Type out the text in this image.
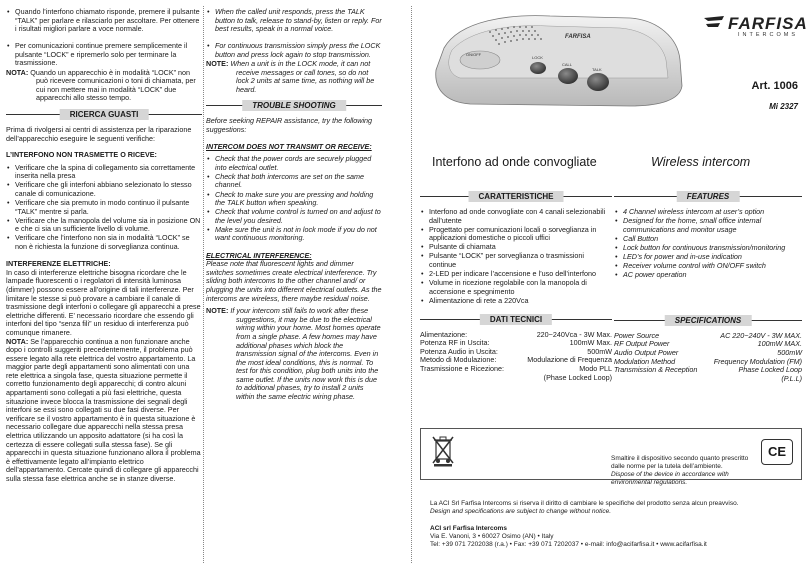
• Quando l’interfono chiamato risponde, premere il pulsante “TALK” per parlare e rilasciarlo per ascoltare. Per ottenere i risultati migliori parlare a voce normale.
• Per comunicazioni continue premere semplicemente il pulsante “LOCK” e ripremerlo solo per terminare la trasmissione.

NOTA: Quando un apparecchio è in modalità “LOCK” non può ricevere comunicazioni o toni di chiamata, per cui non mettere mai in modalità “LOCK” due apparecchi allo stesso tempo.

RICERCA GUASTI

Prima di rivolgersi ai centri di assistenza per la riparazione dell’apparecchio eseguire le seguenti verifiche:

L’INTERFONO NON TRASMETTE O RICEVE:

• Verificare che la spina di collegamento sia correttamente inserita nella presa
• Verificare che gli interfoni abbiano selezionato lo stesso canale di comunicazione.
• Verificare che sia premuto in modo continuo il pulsante “TALK” mentre si parla.
• Verificare che la manopola del volume sia in posizione ON e che ci sia un sufficiente livello di volume.
• Verificare che l’interfono non sia in modalità “LOCK” se non è richiesta la funzione di sorveglianza continua.

INTERFERENZE ELETTRICHE:

In caso di interferenze elettriche bisogna ricordare che le lampade fluorescenti o i regolatori di intensità luminosa (dimmer) possono essere all’origine di tali interferenze. Per limitare le stesse si può provare a cambiare il canale di trasmissione degli interfoni o collegare gli apparecchi a prese elettriche differenti. E’ necessario ricordare che essendo gli interfoni del tipo “senza fili” un residuo di interferenza può comunque rimanere.

NOTA: Se l’apparecchio continua a non funzionare anche dopo i controlli suggeriti precedentemente, il problema può essere legato alla rete elettrica del vostro appartamento. La maggior parte degli appartamenti sono alimentati con una rete elettrica a singola fase, questa situazione permette il corretto funzionamento degli apparecchi; di contro alcuni appartamenti sono collegati a più fasi elettriche, questa situazione invece blocca la trasmissione dei segnali degli interfoni se essi sono collegati su due fasi diverse. Per verificare se il vostro appartamento è in questa situazione è necessario collegare due apparecchi nella stessa presa elettrica utilizzando un apposito adattatore (si ha così la certezza di essere collegati sulla stessa fase). Se gli apparecchi in questa situazione funzionano allora il problema è effettivamente legato all’impianto elettrico dell’appartamento. Cercate quindi di collegare gli apparecchi sulla stessa fase elettrica anche se in stanze diverse.

• When the called unit responds, press the TALK button to talk, release to stand-by, listen or reply. For best results, speak in a normal voice.
• For continuous transmission simply press the LOCK button and press lock again to stop transmission.

NOTE: When a unit is in the LOCK mode, it can not receive messages or call tones, so do not lock 2 units at same time, as nothing will be heard.

TROUBLE SHOOTING

Before seeking REPAIR assistance, try the following suggestions:

INTERCOM DOES NOT TRANSMIT OR RECEIVE:

• Check that the power cords are securely plugged into electrical outlet.
• Check that both intercoms are set on the same channel.
• Check to make sure you are pressing and holding the TALK button when speaking.
• Check that volume control is turned on and adjust to the level you desired.
• Make sure the unit is not in lock mode if you do not want continuous monitoring.

ELECTRICAL INTERFERENCE:

Please note that fluorescent lights and dimmer switches sometimes create electrical interference. Try sliding both intercoms to the other channel and/ or plugging the units into different electrical outlets. As the intercoms are wireless, there maybe residual noise.

NOTE: If your intercom still fails to work after these suggestions, it may be due to the electrical wiring within your home. Most homes operate from a single phase. A few homes may have additional phases which block the transmission signal of the intercoms. Even in the most ideal conditions, this is normal. To test for this condition, plug both units into the same outlet. If the units now work this is due to additional phases, try to install 2 units within the same electric wiring phase.

ON/OFF
FARFISA
LOCK
CALL
TALK
FARFISA
INTERCOMS
Art. 1006
Mi 2327
Interfono ad onde convogliate	Wireless intercom
CARATTERISTICHE
• Interfono ad onde convogliate con 4 canali selezionabili dall’utente
• Progettato per comunicazioni locali o sorveglianza in applicazioni domestiche o piccoli uffici
• Pulsante di chiamata
• Pulsante “LOCK” per sorveglianza o trasmissioni continue
• 2-LED per indicare l’accensione e l’uso dell’interfono
• Volume in ricezione regolabile con la manopola di accensione e spegnimento
• Alimentazione di rete a 220Vca
DATI TECNICI
Alimentazione:	220~240Vca - 3W Max.
Potenza RF in Uscita:	100mW Max.
Potenza Audio in Uscita:	500mW
Metodo di Modulazione:	Modulazione di Frequenza
Trasmissione e Ricezione:	Modo PLL
	(Phase Locked Loop)
FEATURES
• 4 Channel wireless intercom at user’s option
• Designed for the home, small office internal communications and monitor usage
• Call Button
• Lock button for continuous transmission/monitoring
• LED’s for power and in-use indication
• Receiver volume control with ON/OFF switch
• AC power operation
SPECIFICATIONS
Power Source	AC 220~240V - 3W MAX.
RF Output Power	100mW MAX.
Audio Output Power	500mW
Modulation Method	Frequency Modulation (FM)
Transmission & Reception	Phase Locked Loop
	(P.L.L)

Smaltire il dispositivo secondo quanto prescritto dalle norme per la tutela dell’ambiente.

Dispose of the device in accordance with environmental regulations.

CE

La ACI Srl Farfisa Intercoms si riserva il diritto di cambiare le specifiche del prodotto senza alcun preavviso.

Design and specifications are subject to change without notice.

ACI srl Farfisa Intercoms

Via E. Vanoni, 3 • 60027 Osimo (AN) • Italy

Tel: +39 071 7202038 (r.a.) • Fax: +39 071 7202037 • e-mail: info@acifarfisa.it • www.acifarfisa.it
